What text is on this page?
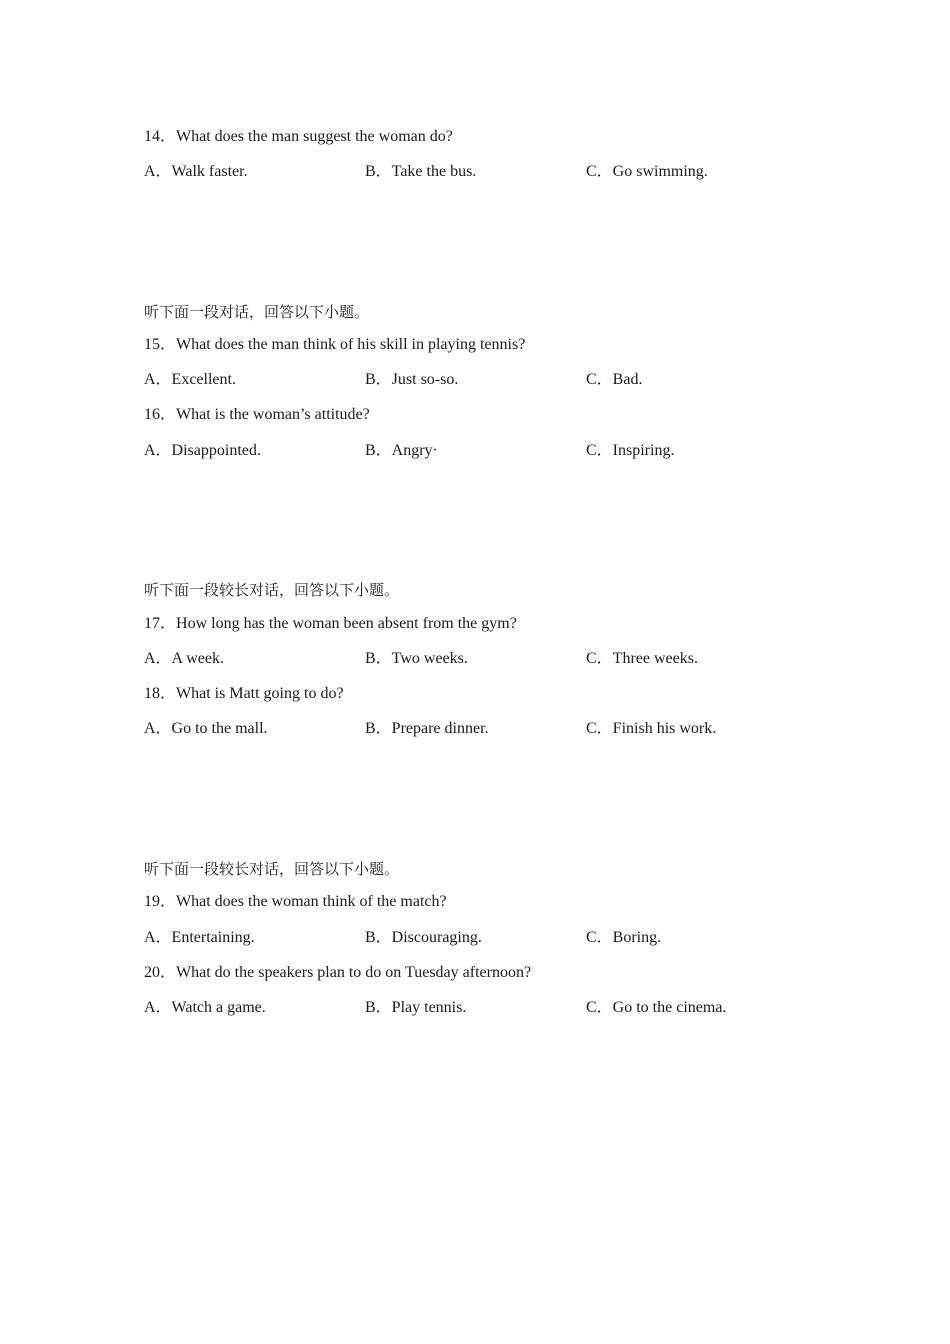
14．What does the man suggest the woman do?
A．Walk faster.	B．Take the bus.	C．Go swimming.
听下面一段对话，回答以下小题。
15．What does the man think of his skill in playing tennis?
A．Excellent.	B．Just so-so.	C．Bad.
16．What is the woman’s attitude?
A．Disappointed.	B．Angry·	C．Inspiring.
听下面一段较长对话，回答以下小题。
17．How long has the woman been absent from the gym?
A．A week.	B．Two weeks.	C．Three weeks.
18．What is Matt going to do?
A．Go to the mall.	B．Prepare dinner.	C．Finish his work.
听下面一段较长对话，回答以下小题。
19．What does the woman think of the match?
A．Entertaining.	B．Discouraging.	C．Boring.
20．What do the speakers plan to do on Tuesday afternoon?
A．Watch a game.	B．Play tennis.	C．Go to the cinema.
